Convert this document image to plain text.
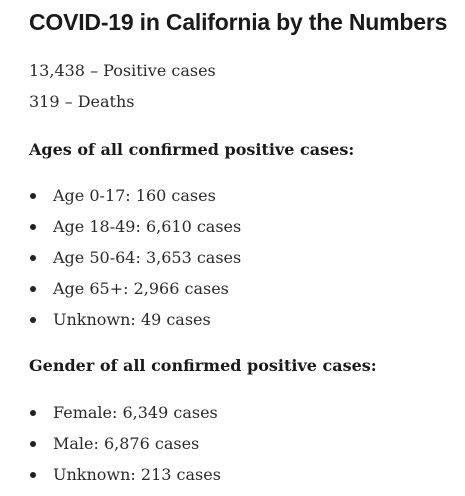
COVID-19 in California by the Numbers

13,438 – Positive cases

319 – Deaths

Ages of all confirmed positive cases:

Age 0-17: 160 cases
Age 18-49: 6,610 cases
Age 50-64: 3,653 cases
Age 65+: 2,966 cases
Unknown: 49 cases

Gender of all confirmed positive cases:

Female: 6,349 cases
Male: 6,876 cases
Unknown: 213 cases
